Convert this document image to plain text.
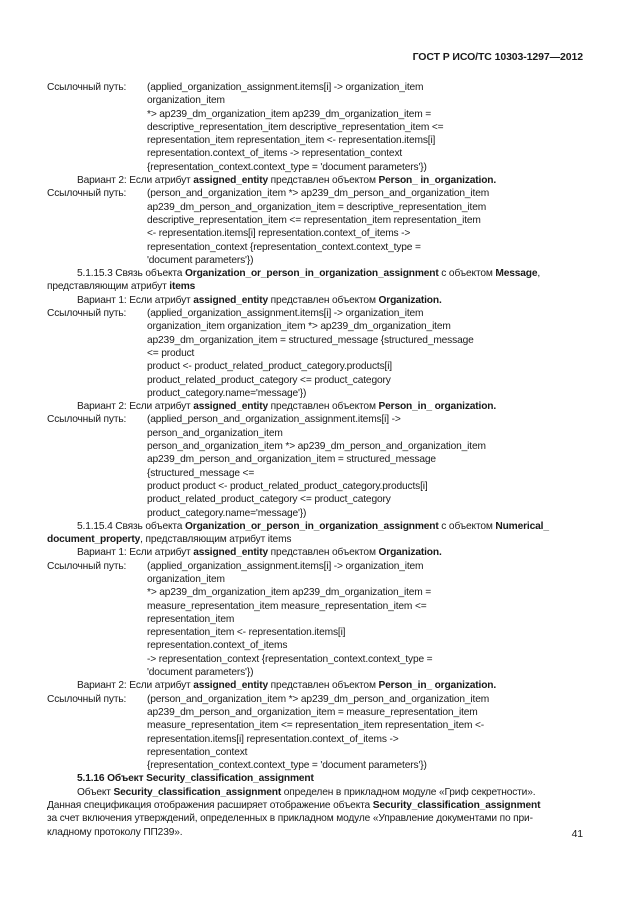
ГОСТ Р ИСО/ТС 10303-1297—2012
Ссылочный путь:	(applied_organization_assignment.items[i] -> organization_item
organization_item
*> ap239_dm_organization_item ap239_dm_organization_item =
descriptive_representation_item descriptive_representation_item <=
representation_item representation_item <- representation.items[i]
representation.context_of_items -> representation_context
{representation_context.context_type = 'document parameters'})
Вариант 2: Если атрибут assigned_entity представлен объектом Person_ in_organization.
Ссылочный путь:	(person_and_organization_item *> ap239_dm_person_and_organization_item
ap239_dm_person_and_organization_item = descriptive_representation_item
descriptive_representation_item <= representation_item representation_item
<- representation.items[i] representation.context_of_items ->
representation_context {representation_context.context_type =
'document parameters'})
5.1.15.3 Связь объекта Organization_or_person_in_organization_assignment с объектом Message,
представляющим атрибут items
Вариант 1: Если атрибут assigned_entity представлен объектом Organization.
Ссылочный путь:	(applied_organization_assignment.items[i] -> organization_item
organization_item organization_item *> ap239_dm_organization_item
ap239_dm_organization_item = structured_message {structured_message
<= product
product <- product_related_product_category.products[i]
product_related_product_category <= product_category
product_category.name='message'})
Вариант 2: Если атрибут assigned_entity представлен объектом Person_in_ organization.
Ссылочный путь:	(applied_person_and_organization_assignment.items[i] ->
person_and_organization_item
person_and_organization_item *> ap239_dm_person_and_organization_item
ap239_dm_person_and_organization_item = structured_message
{structured_message <=
product product <- product_related_product_category.products[i]
product_related_product_category <= product_category
product_category.name='message'})
5.1.15.4 Связь объекта Organization_or_person_in_organization_assignment с объектом Numerical_
document_property, представляющим атрибут items
Вариант 1: Если атрибут assigned_entity представлен объектом Organization.
Ссылочный путь:	(applied_organization_assignment.items[i] -> organization_item
organization_item
*> ap239_dm_organization_item ap239_dm_organization_item =
measure_representation_item measure_representation_item <=
representation_item
representation_item <- representation.items[i]
representation.context_of_items
-> representation_context {representation_context.context_type =
'document parameters'})
Вариант 2: Если атрибут assigned_entity представлен объектом Person_in_ organization.
Ссылочный путь:	(person_and_organization_item *> ap239_dm_person_and_organization_item
ap239_dm_person_and_organization_item = measure_representation_item
measure_representation_item <= representation_item representation_item <-
representation.items[i] representation.context_of_items ->
representation_context
{representation_context.context_type = 'document parameters'})
5.1.16 Объект Security_classification_assignment
Объект Security_classification_assignment определен в прикладном модуле «Гриф секретности».
Данная спецификация отображения расширяет отображение объекта Security_classification_assignment
за счет включения утверждений, определенных в прикладном модуле «Управление документами по при-
кладному протоколу ПП239».	41
